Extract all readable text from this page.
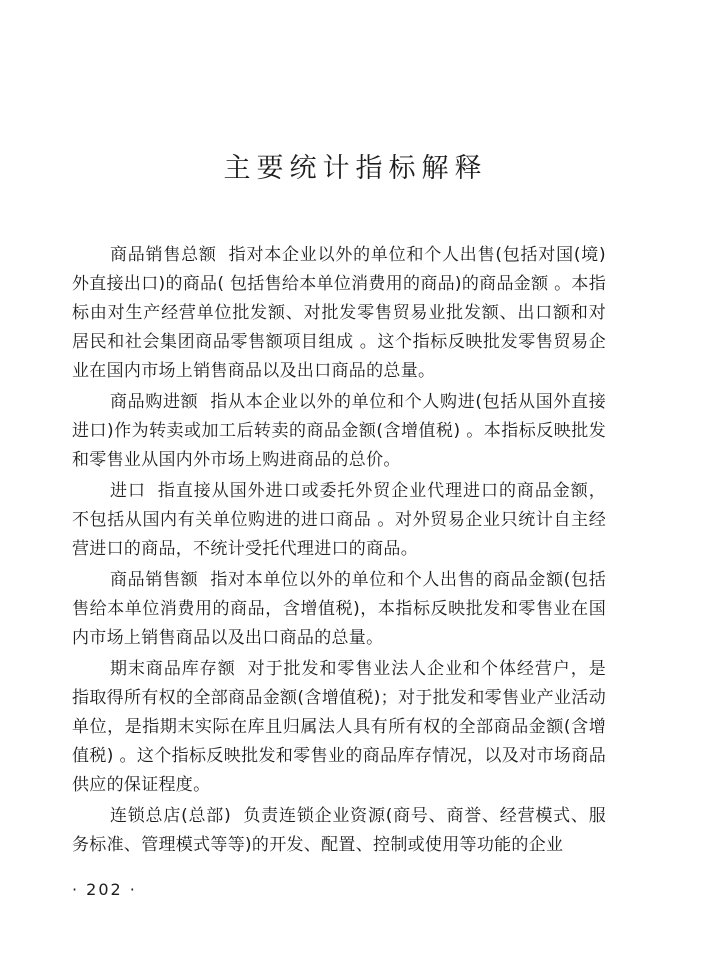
主要统计指标解释

商品销售总额 指对本企业以外的单位和个人出售(包括对国(境)外直接出口)的商品( 包括售给本单位消费用的商品)的商品金额 。本指标由对生产经营单位批发额、对批发零售贸易业批发额、出口额和对居民和社会集团商品零售额项目组成 。这个指标反映批发零售贸易企业在国内市场上销售商品以及出口商品的总量。

商品购进额 指从本企业以外的单位和个人购进(包括从国外直接进口)作为转卖或加工后转卖的商品金额(含增值税) 。本指标反映批发和零售业从国内外市场上购进商品的总价。

进口 指直接从国外进口或委托外贸企业代理进口的商品金额，不包括从国内有关单位购进的进口商品 。对外贸易企业只统计自主经营进口的商品，不统计受托代理进口的商品。

商品销售额 指对本单位以外的单位和个人出售的商品金额(包括售给本单位消费用的商品，含增值税)，本指标反映批发和零售业在国内市场上销售商品以及出口商品的总量。

期末商品库存额 对于批发和零售业法人企业和个体经营户，是指取得所有权的全部商品金额(含增值税)；对于批发和零售业产业活动单位，是指期末实际在库且归属法人具有所有权的全部商品金额(含增值税) 。这个指标反映批发和零售业的商品库存情况，以及对市场商品供应的保证程度。

连锁总店(总部) 负责连锁企业资源(商号、商誉、经营模式、服务标准、管理模式等等)的开发、配置、控制或使用等功能的企业

· 202 ·
